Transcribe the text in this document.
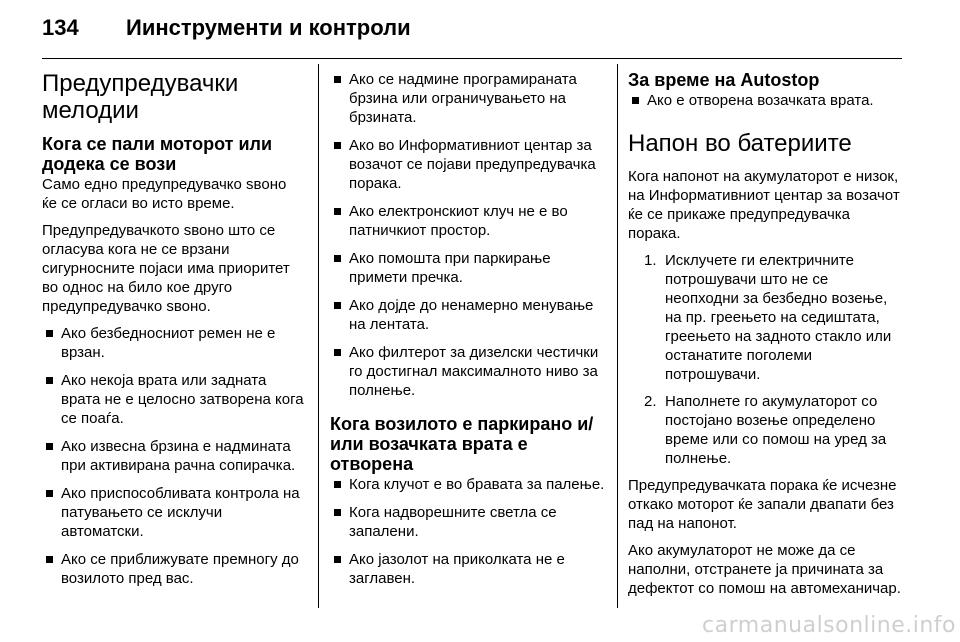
134	Иинструменти и контроли
Предупредувачки мелодии
Кога се пали моторот или додека се вози

Само едно предупредувачко ѕвоно ќе се огласи во исто време.

Предупредувачкото ѕвоно што се огласува кога не се врзани сигурносните појаси има приоритет во однос на било кое друго предупредувачко ѕвоно.

Ако безбедносниот ремен не е врзан.
Ако некоја врата или задната врата не е целосно затворена кога се поаѓа.
Ако извесна брзина е надмината при активирана рачна сопирачка.
Ако приспособливата контрола на патувањето се исклучи автоматски.
Ако се приближувате премногу до возилото пред вас.
Ако се надмине програмираната брзина или ограничувањето на брзината.
Ако во Информативниот центар за возачот се појави предупредувачка порака.
Ако електронскиот клуч не е во патничкиот простор.
Ако помошта при паркирање примети пречка.
Ако дојде до ненамерно менување на лентата.
Ако филтерот за дизелски честички го достигнал максималното ниво за полнење.
Кога возилото е паркирано и/ или возачката врата е отворена
Кога клучот е во бравата за палење.
Кога надворешните светла се запалени.
Ако јазолот на приколката не е заглавен.
За време на Autostop
Ако е отворена возачката врата.
Напон во батериите

Кога напонот на акумулаторот е низок, на Информативниот центар за возачот ќе се прикаже предупредувачка порака.

1. Исклучете ги електричните потрошувачи што не се неопходни за безбедно возење, на пр. греењето на седиштата, греењето на задното стакло или останатите поголеми потрошувачи.
2. Наполнете го акумулаторот со постојано возење определено време или со помош на уред за полнење.

Предупредувачката порака ќе исчезне откако моторот ќе запали двапати без пад на напонот.

Ако акумулаторот не може да се наполни, отстранете ја причината за дефектот со помош на автомеханичар.

carmanualsonline.info
